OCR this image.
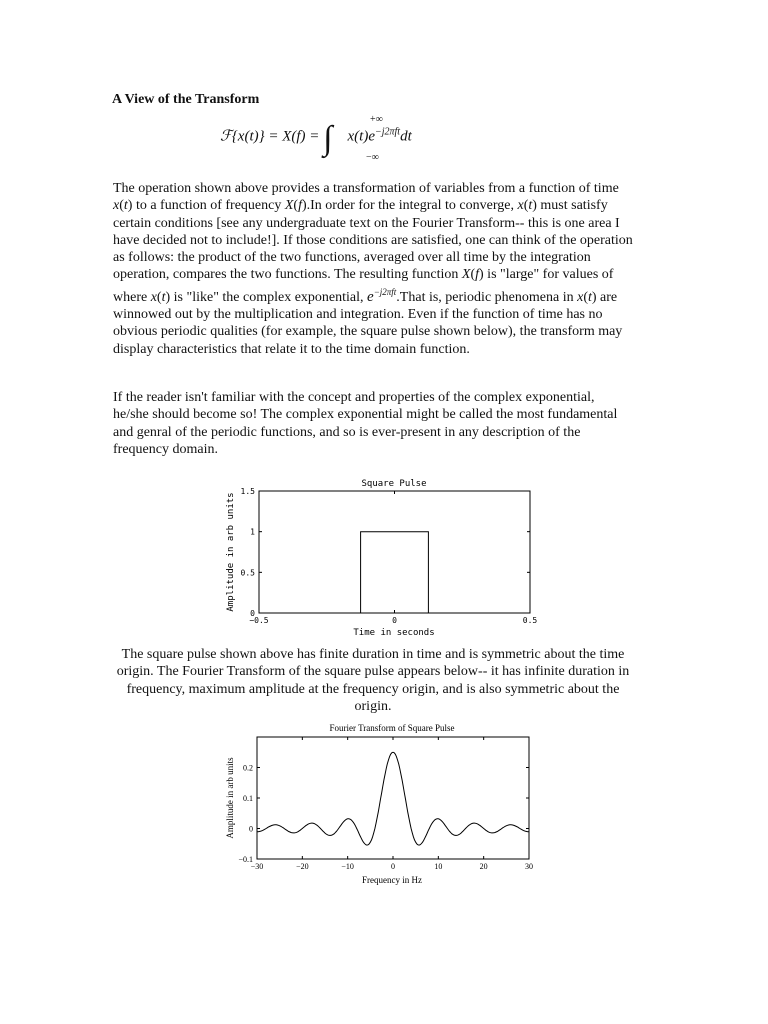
A View of the Transform
ℱ{x(t)} = X(f) = ∫
+∞
−∞
$x(t)e^{-j2\pi ft}dt$

The operation shown above provides a transformation of variables from a function of time x(t) to a function of frequency X(f).In order for the integral to converge, x(t) must satisfy certain conditions [see any undergraduate text on the Fourier Transform-- this is one area I have decided not to include!]. If those conditions are satisfied, one can think of the operation as follows: the product of the two functions, averaged over all time by the integration operation, compares the two functions. The resulting function X(f) is "large" for values of where x(t) is "like" the complex exponential, $e^{-j2\pi ft}.That$ is, periodic phenomena in x(t) are winnowed out by the multiplication and integration. Even if the function of time has no obvious periodic qualities (for example, the square pulse shown below), the transform may display characteristics that relate it to the time domain function.

If the reader isn't familiar with the concept and properties of the complex exponential, he/she should become so! The complex exponential might be called the most fundamental and genral of the periodic functions, and so is ever-present in any description of the frequency domain.

Square Pulse
Time in seconds
Amplitude in arb units
−0.5	0	0.5
0
0.5
1
1.5

The square pulse shown above has finite duration in time and is symmetric about the time origin. The Fourier Transform of the square pulse appears below-- it has infinite duration in frequency, maximum amplitude at the frequency origin, and is also symmetric about the origin.

Fourier Transform of Square Pulse
Frequency in Hz
Amplitude in arb units
−30	−20	−10	0	10	20	30
−0.1
0
0.1
0.2
